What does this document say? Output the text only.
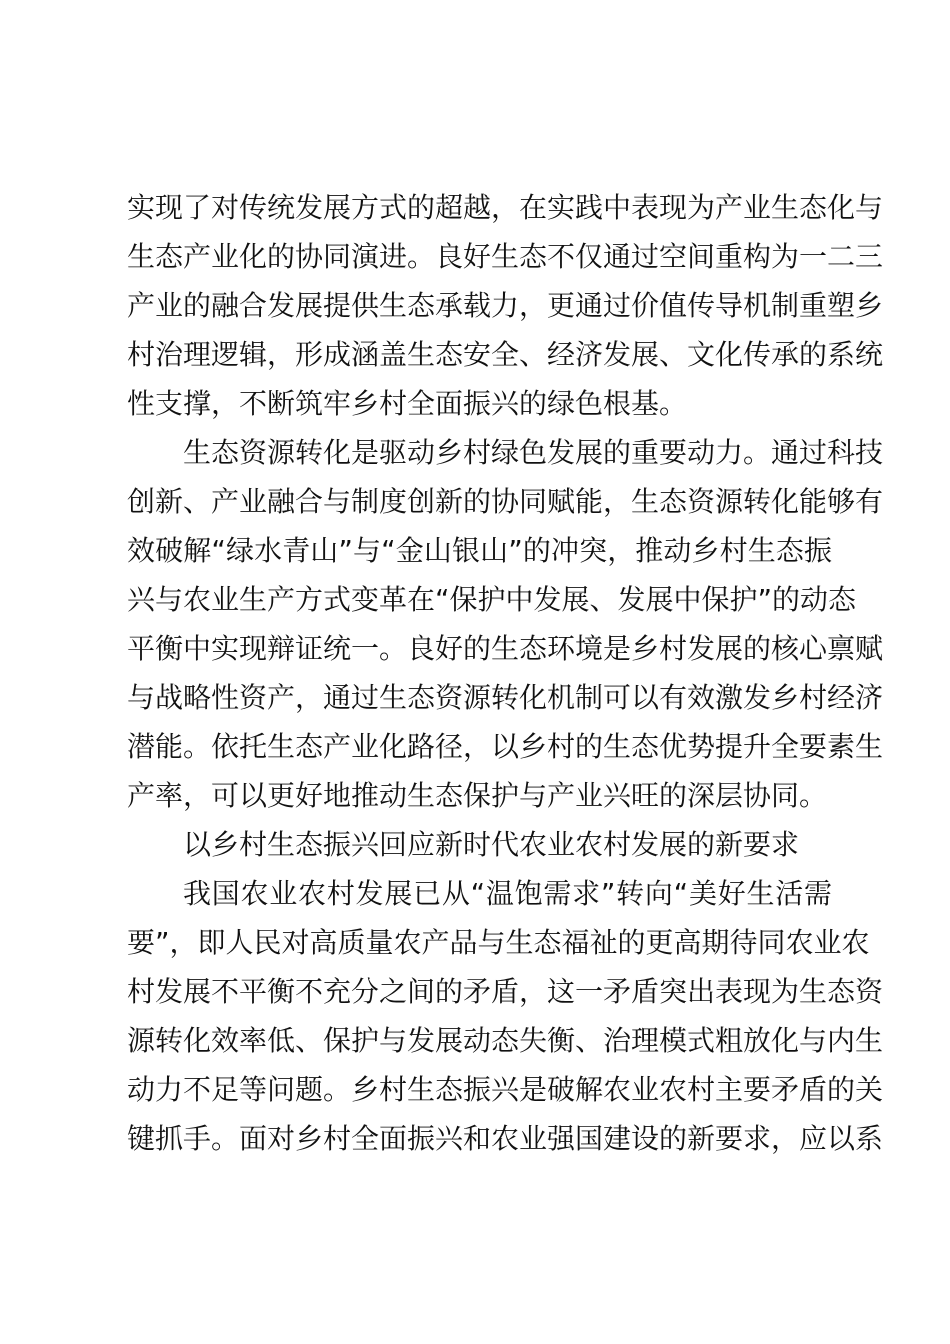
实现了对传统发展方式的超越，在实践中表现为产业生态化与
生态产业化的协同演进。良好生态不仅通过空间重构为一二三
产业的融合发展提供生态承载力，更通过价值传导机制重塑乡
村治理逻辑，形成涵盖生态安全、经济发展、文化传承的系统
性支撑，不断筑牢乡村全面振兴的绿色根基。
生态资源转化是驱动乡村绿色发展的重要动力。通过科技
创新、产业融合与制度创新的协同赋能，生态资源转化能够有
效破解“绿水青山”与“金山银山”的冲突，推动乡村生态振
兴与农业生产方式变革在“保护中发展、发展中保护”的动态
平衡中实现辩证统一。良好的生态环境是乡村发展的核心禀赋
与战略性资产，通过生态资源转化机制可以有效激发乡村经济
潜能。依托生态产业化路径，以乡村的生态优势提升全要素生
产率，可以更好地推动生态保护与产业兴旺的深层协同。
以乡村生态振兴回应新时代农业农村发展的新要求
我国农业农村发展已从“温饱需求”转向“美好生活需
要”，即人民对高质量农产品与生态福祉的更高期待同农业农
村发展不平衡不充分之间的矛盾，这一矛盾突出表现为生态资
源转化效率低、保护与发展动态失衡、治理模式粗放化与内生
动力不足等问题。乡村生态振兴是破解农业农村主要矛盾的关
键抓手。面对乡村全面振兴和农业强国建设的新要求，应以系
